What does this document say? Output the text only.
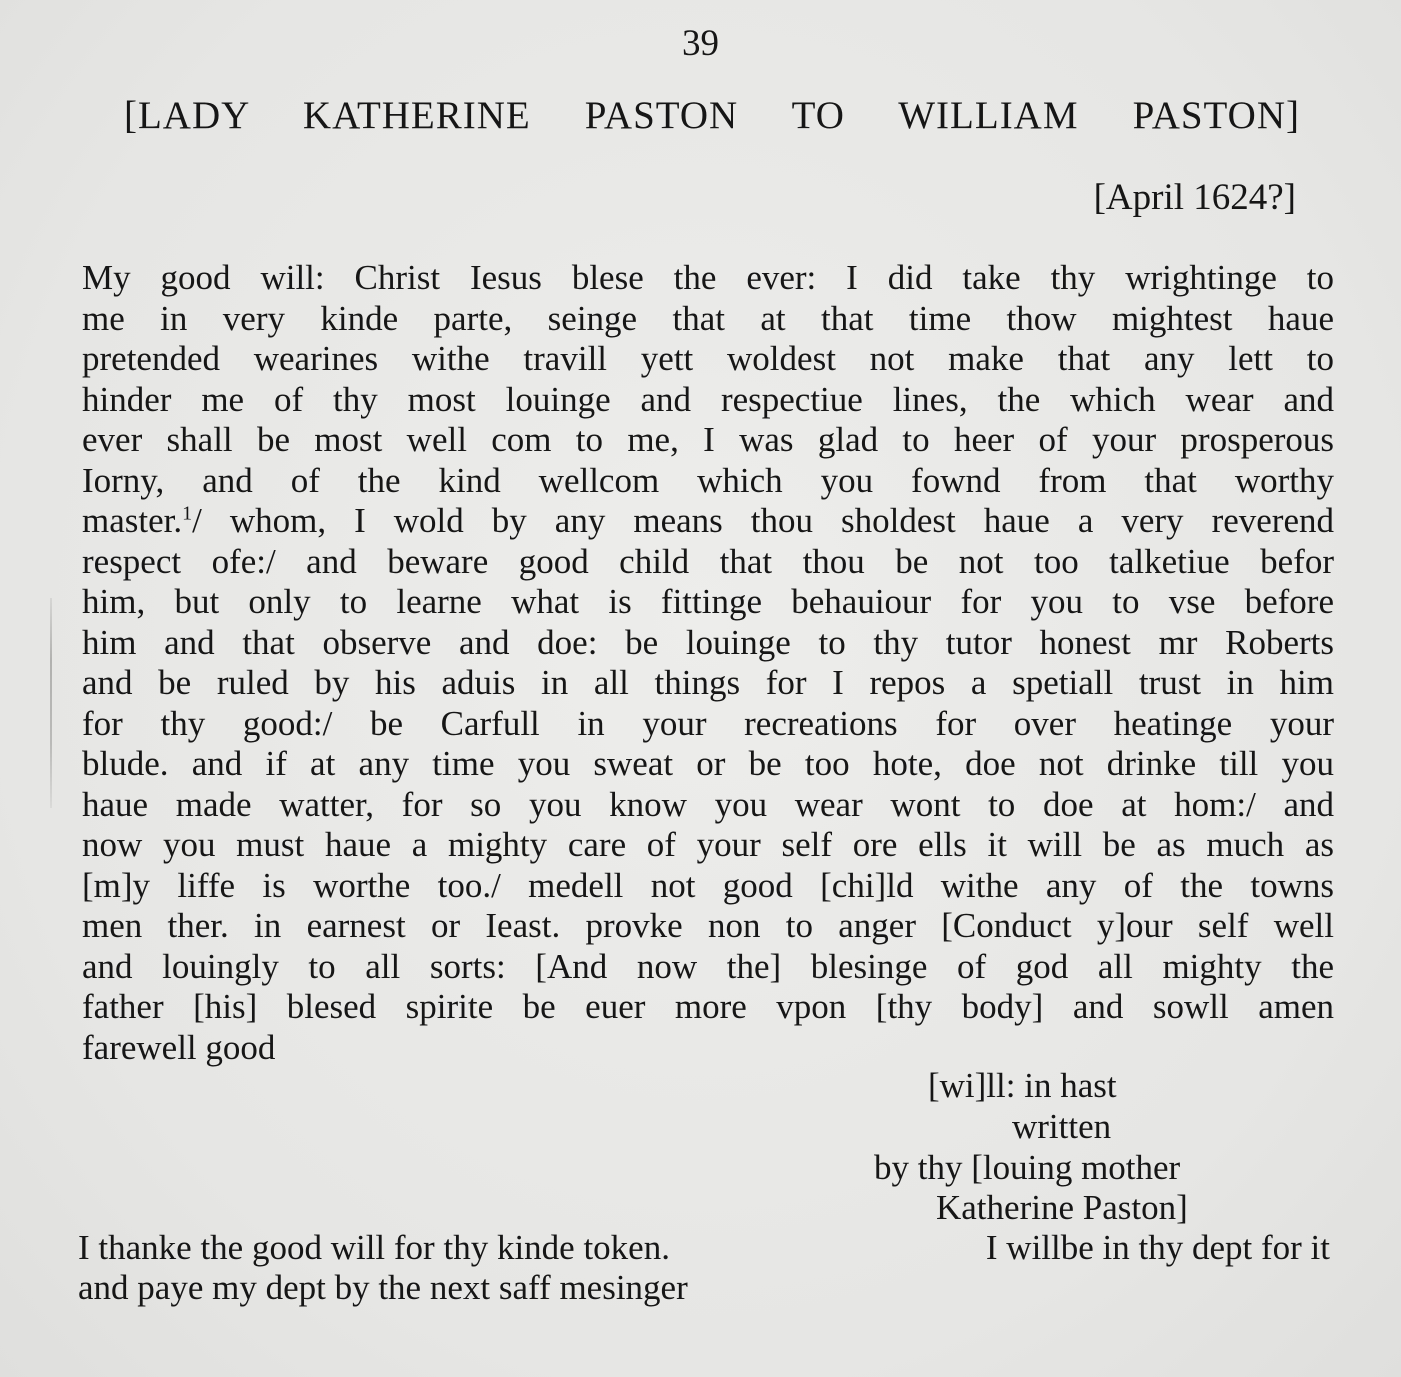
39
[LADY KATHERINE PASTON TO WILLIAM PASTON]
[April 1624?]
My good will: Christ Iesus blese the ever: I did take thy wrightinge to
me in very kinde parte, seinge that at that time thow mightest haue
pretended wearines withe travill yett woldest not make that any lett to
hinder me of thy most louinge and respectiue lines, the which wear and
ever shall be most well com to me, I was glad to heer of your prosperous
Iorny, and of the kind wellcom which you fownd from that worthy
master.$^1$/ whom, I wold by any means thou sholdest haue a very reverend
respect ofe:/ and beware good child that thou be not too talketiue befor
him, but only to learne what is fittinge behauiour for you to vse before
him and that observe and doe: be louinge to thy tutor honest mr Roberts
and be ruled by his aduis in all things for I repos a spetiall trust in him
for thy good:/ be Carfull in your recreations for over heatinge your
blude. and if at any time you sweat or be too hote, doe not drinke till you
haue made watter, for so you know you wear wont to doe at hom:/ and
now you must haue a mighty care of your self ore ells it will be as much as
[m]y liffe is worthe too./ medell not good [chi]ld withe any of the towns
men ther. in earnest or Ieast. provke non to anger [Conduct y]our self well
and louingly to all sorts: [And now the] blesinge of god all mighty the
father [his] blesed spirite be euer more vpon [thy body] and sowll amen
farewell good
[wi]ll: in hast
written
by thy [louing mother
Katherine Paston]
I thanke the good will for thy kinde token.	I willbe in thy dept for it
and paye my dept by the next saff mesinger
